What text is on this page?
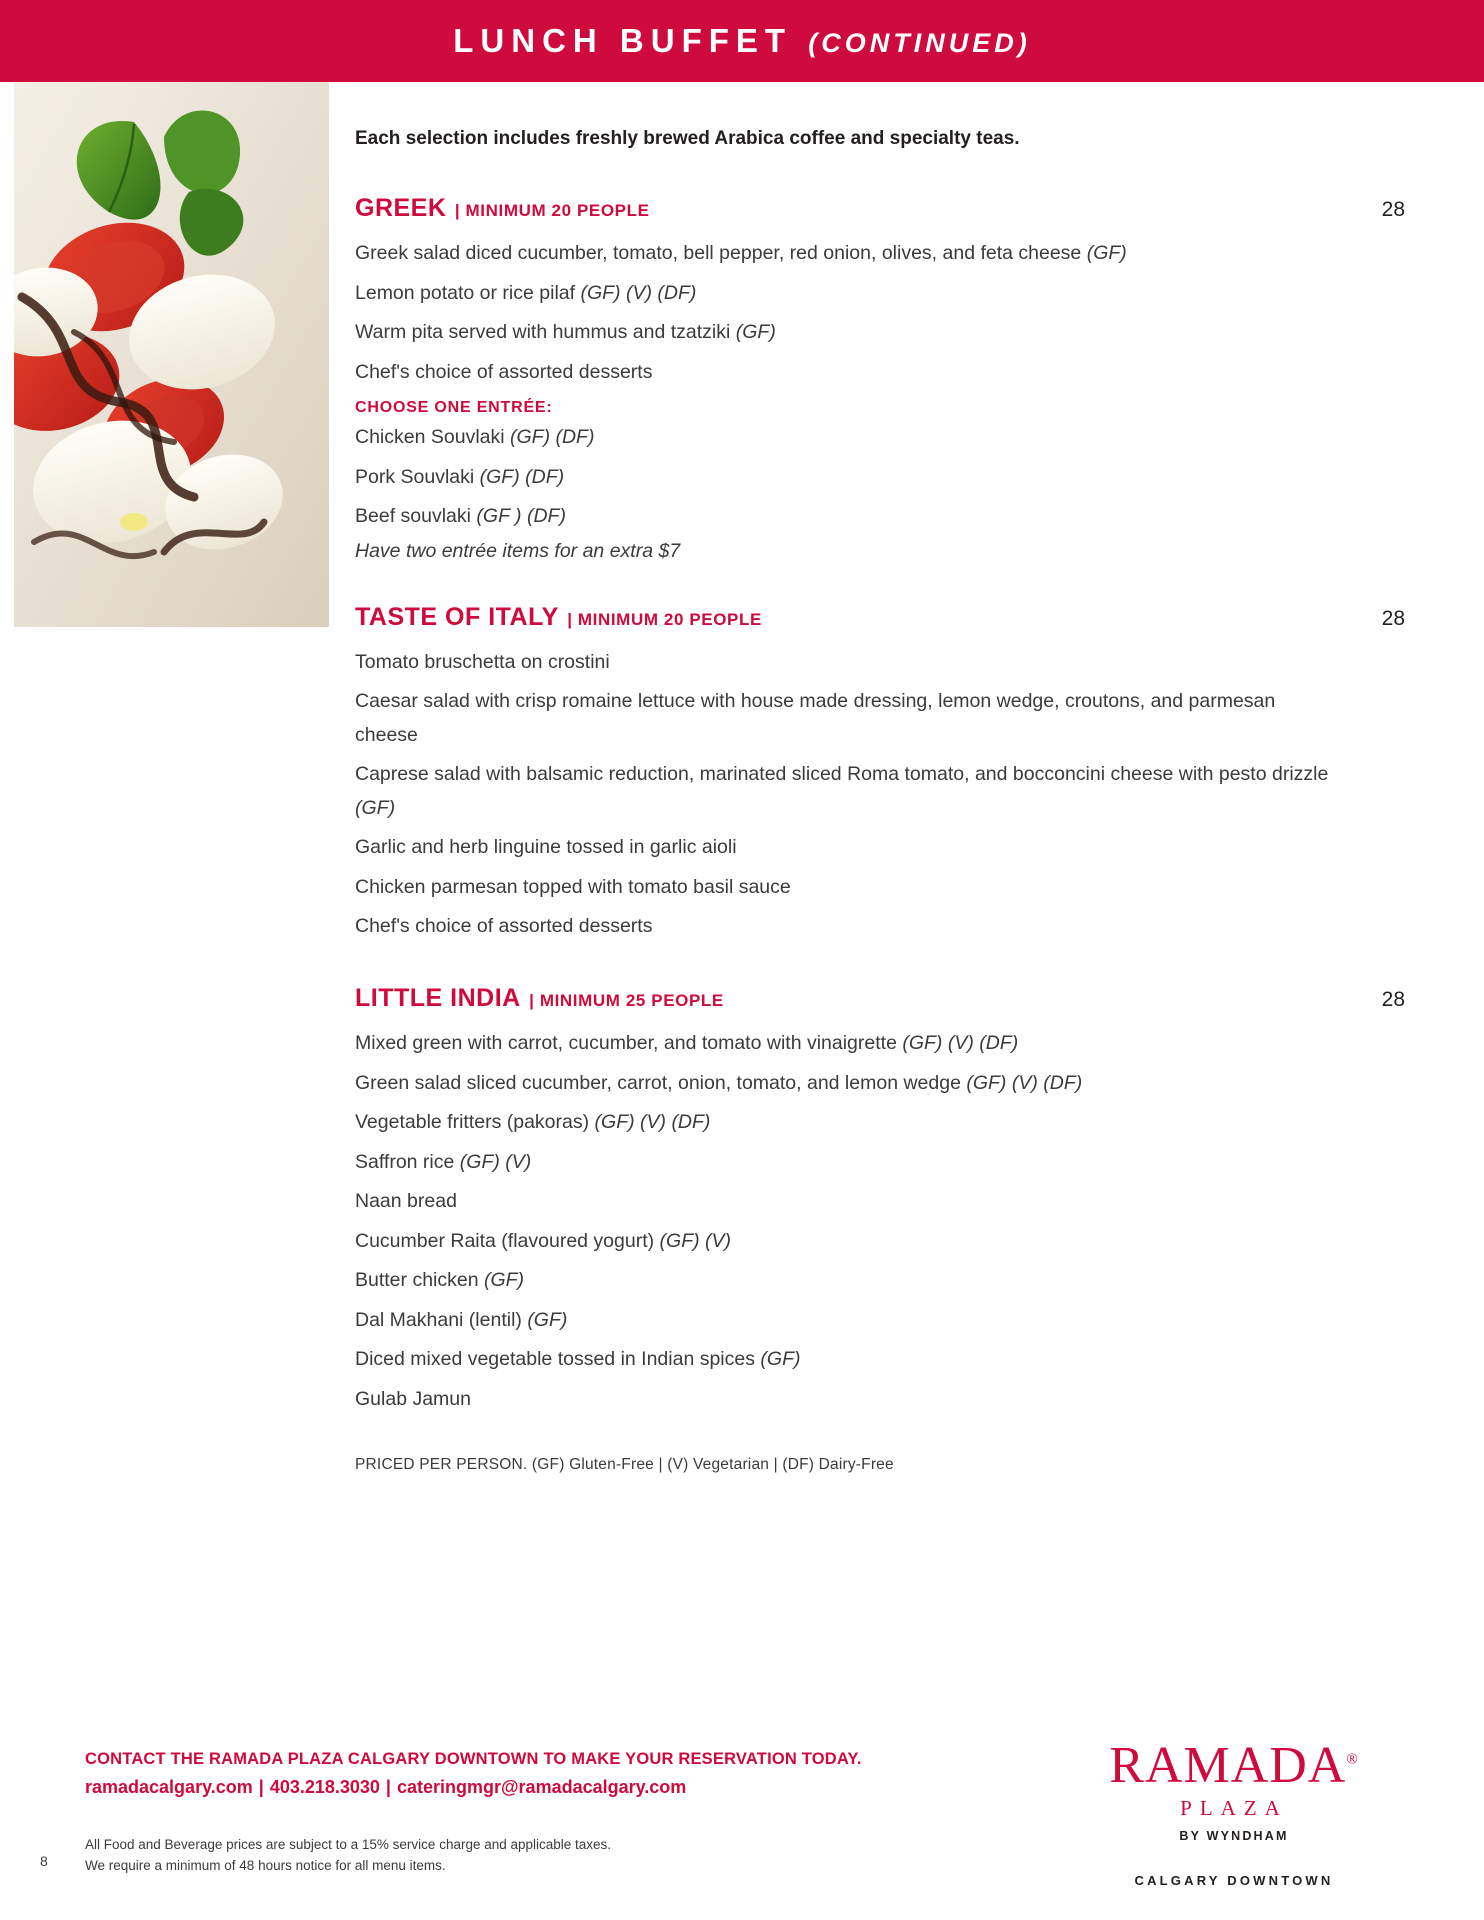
LUNCH BUFFET (CONTINUED)
Each selection includes freshly brewed Arabica coffee and specialty teas.
GREEK | MINIMUM 20 PEOPLE	28

Greek salad diced cucumber, tomato, bell pepper, red onion, olives, and feta cheese (GF)

Lemon potato or rice pilaf (GF) (V) (DF)

Warm pita served with hummus and tzatziki (GF)

Chef's choice of assorted desserts

CHOOSE ONE ENTRÉE:

Chicken Souvlaki (GF) (DF)

Pork Souvlaki (GF) (DF)

Beef souvlaki (GF ) (DF)

Have two entrée items for an extra $7
TASTE OF ITALY | MINIMUM 20 PEOPLE	28

Tomato bruschetta on crostini

Caesar salad with crisp romaine lettuce with house made dressing, lemon wedge, croutons, and parmesan cheese

Caprese salad with balsamic reduction, marinated sliced Roma tomato, and bocconcini cheese with pesto drizzle (GF)

Garlic and herb linguine tossed in garlic aioli

Chicken parmesan topped with tomato basil sauce

Chef's choice of assorted desserts

LITTLE INDIA | MINIMUM 25 PEOPLE	28

Mixed green with carrot, cucumber, and tomato with vinaigrette (GF) (V) (DF)

Green salad sliced cucumber, carrot, onion, tomato, and lemon wedge (GF) (V) (DF)

Vegetable fritters (pakoras) (GF) (V) (DF)

Saffron rice (GF) (V)

Naan bread

Cucumber Raita (flavoured yogurt) (GF) (V)

Butter chicken (GF)

Dal Makhani (lentil) (GF)

Diced mixed vegetable tossed in Indian spices (GF)

Gulab Jamun

PRICED PER PERSON. (GF) Gluten-Free | (V) Vegetarian | (DF) Dairy-Free
8
CONTACT THE RAMADA PLAZA CALGARY DOWNTOWN TO MAKE YOUR RESERVATION TODAY.
ramadacalgary.com | 403.218.3030 | cateringmgr@ramadacalgary.com
All Food and Beverage prices are subject to a 15% service charge and applicable taxes.
We require a minimum of 48 hours notice for all menu items.
RAMADA®
PLAZA
BY WYNDHAM
CALGARY DOWNTOWN
